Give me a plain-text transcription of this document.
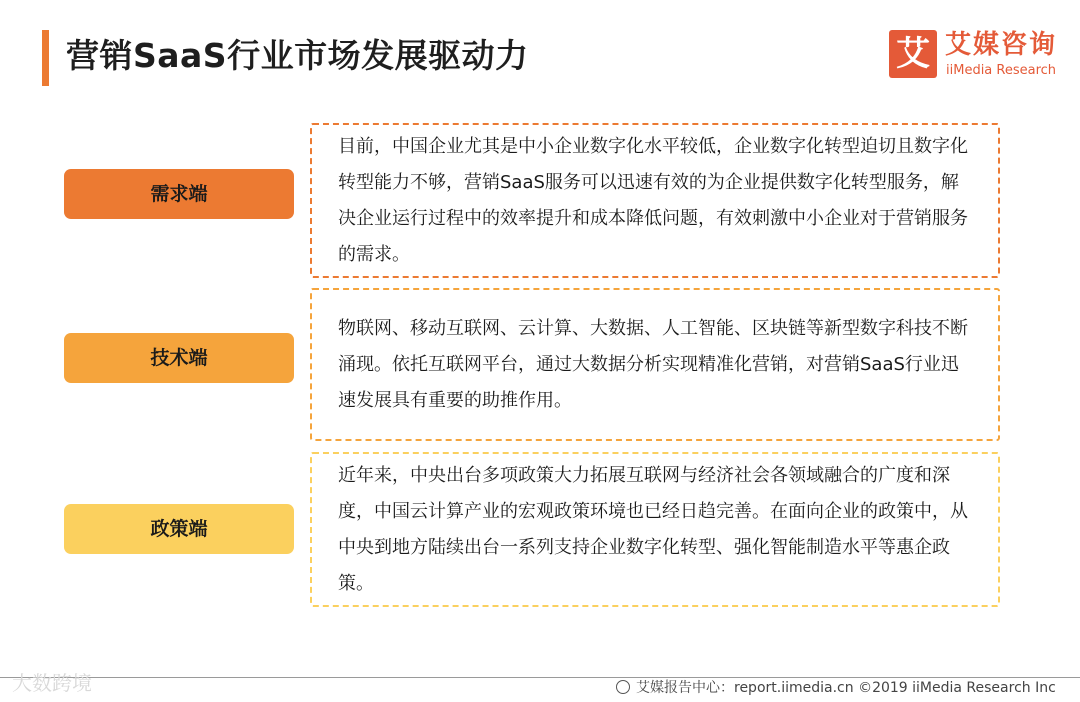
营销SaaS行业市场发展驱动力	艾 艾媒咨询
iiMedia Research
需求端

目前，中国企业尤其是中小企业数字化水平较低，企业数字化转型迫切且数字化转型能力不够，营销SaaS服务可以迅速有效的为企业提供数字化转型服务，解决企业运行过程中的效率提升和成本降低问题，有效刺激中小企业对于营销服务的需求。

技术端

物联网、移动互联网、云计算、大数据、人工智能、区块链等新型数字科技不断涌现。依托互联网平台，通过大数据分析实现精准化营销，对营销SaaS行业迅速发展具有重要的助推作用。

政策端

近年来，中央出台多项政策大力拓展互联网与经济社会各领域融合的广度和深度，中国云计算产业的宏观政策环境也已经日趋完善。在面向企业的政策中，从中央到地方陆续出台一系列支持企业数字化转型、强化智能制造水平等惠企政策。

艾媒报告中心：report.iimedia.cn ©2019 iiMedia Research Inc
大数跨境
